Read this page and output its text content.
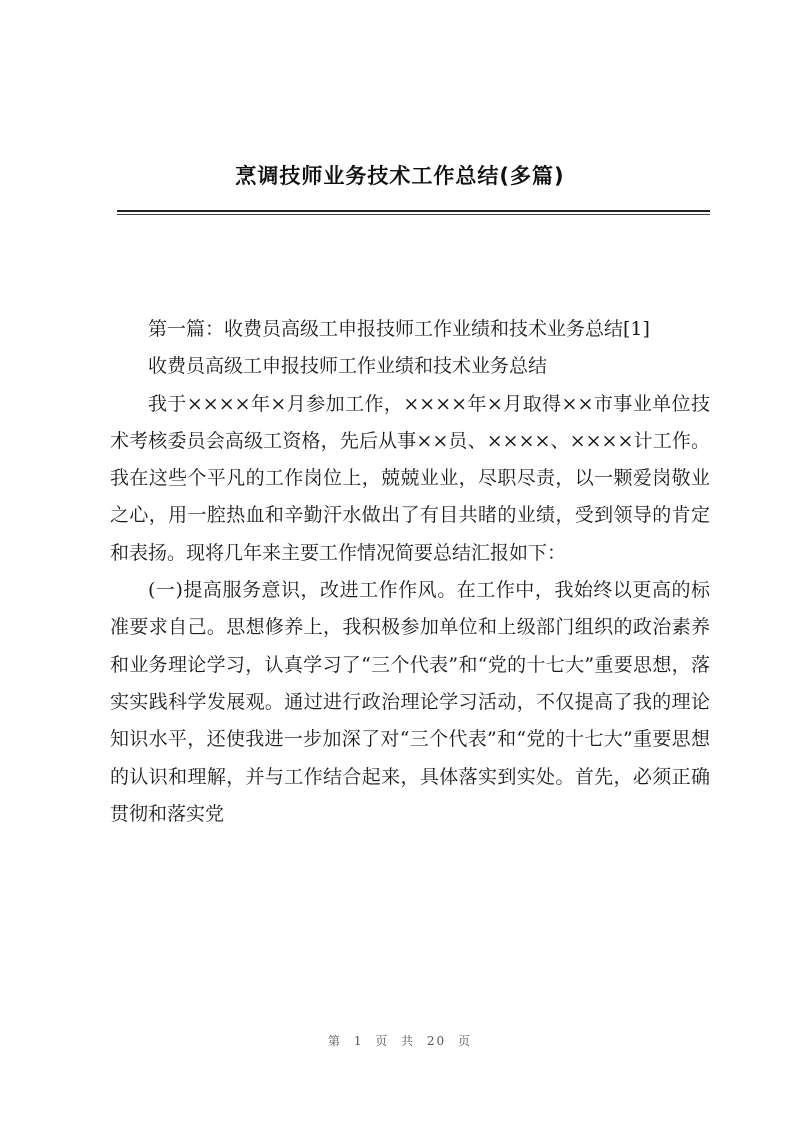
烹调技师业务技术工作总结(多篇)

第一篇：收费员高级工申报技师工作业绩和技术业务总结[1]

收费员高级工申报技师工作业绩和技术业务总结

我于××××年×月参加工作，××××年×月取得××市事业单位技术考核委员会高级工资格，先后从事××员、××××、××××计工作。我在这些个平凡的工作岗位上，兢兢业业，尽职尽责，以一颗爱岗敬业之心，用一腔热血和辛勤汗水做出了有目共睹的业绩，受到领导的肯定和表扬。现将几年来主要工作情况简要总结汇报如下：

(一)提高服务意识，改进工作作风。在工作中，我始终以更高的标准要求自己。思想修养上，我积极参加单位和上级部门组织的政治素养和业务理论学习，认真学习了“三个代表”和“党的十七大”重要思想，落实实践科学发展观。通过进行政治理论学习活动，不仅提高了我的理论知识水平，还使我进一步加深了对“三个代表”和“党的十七大”重要思想的认识和理解，并与工作结合起来，具体落实到实处。首先，必须正确贯彻和落实党

第 1 页 共 20 页
